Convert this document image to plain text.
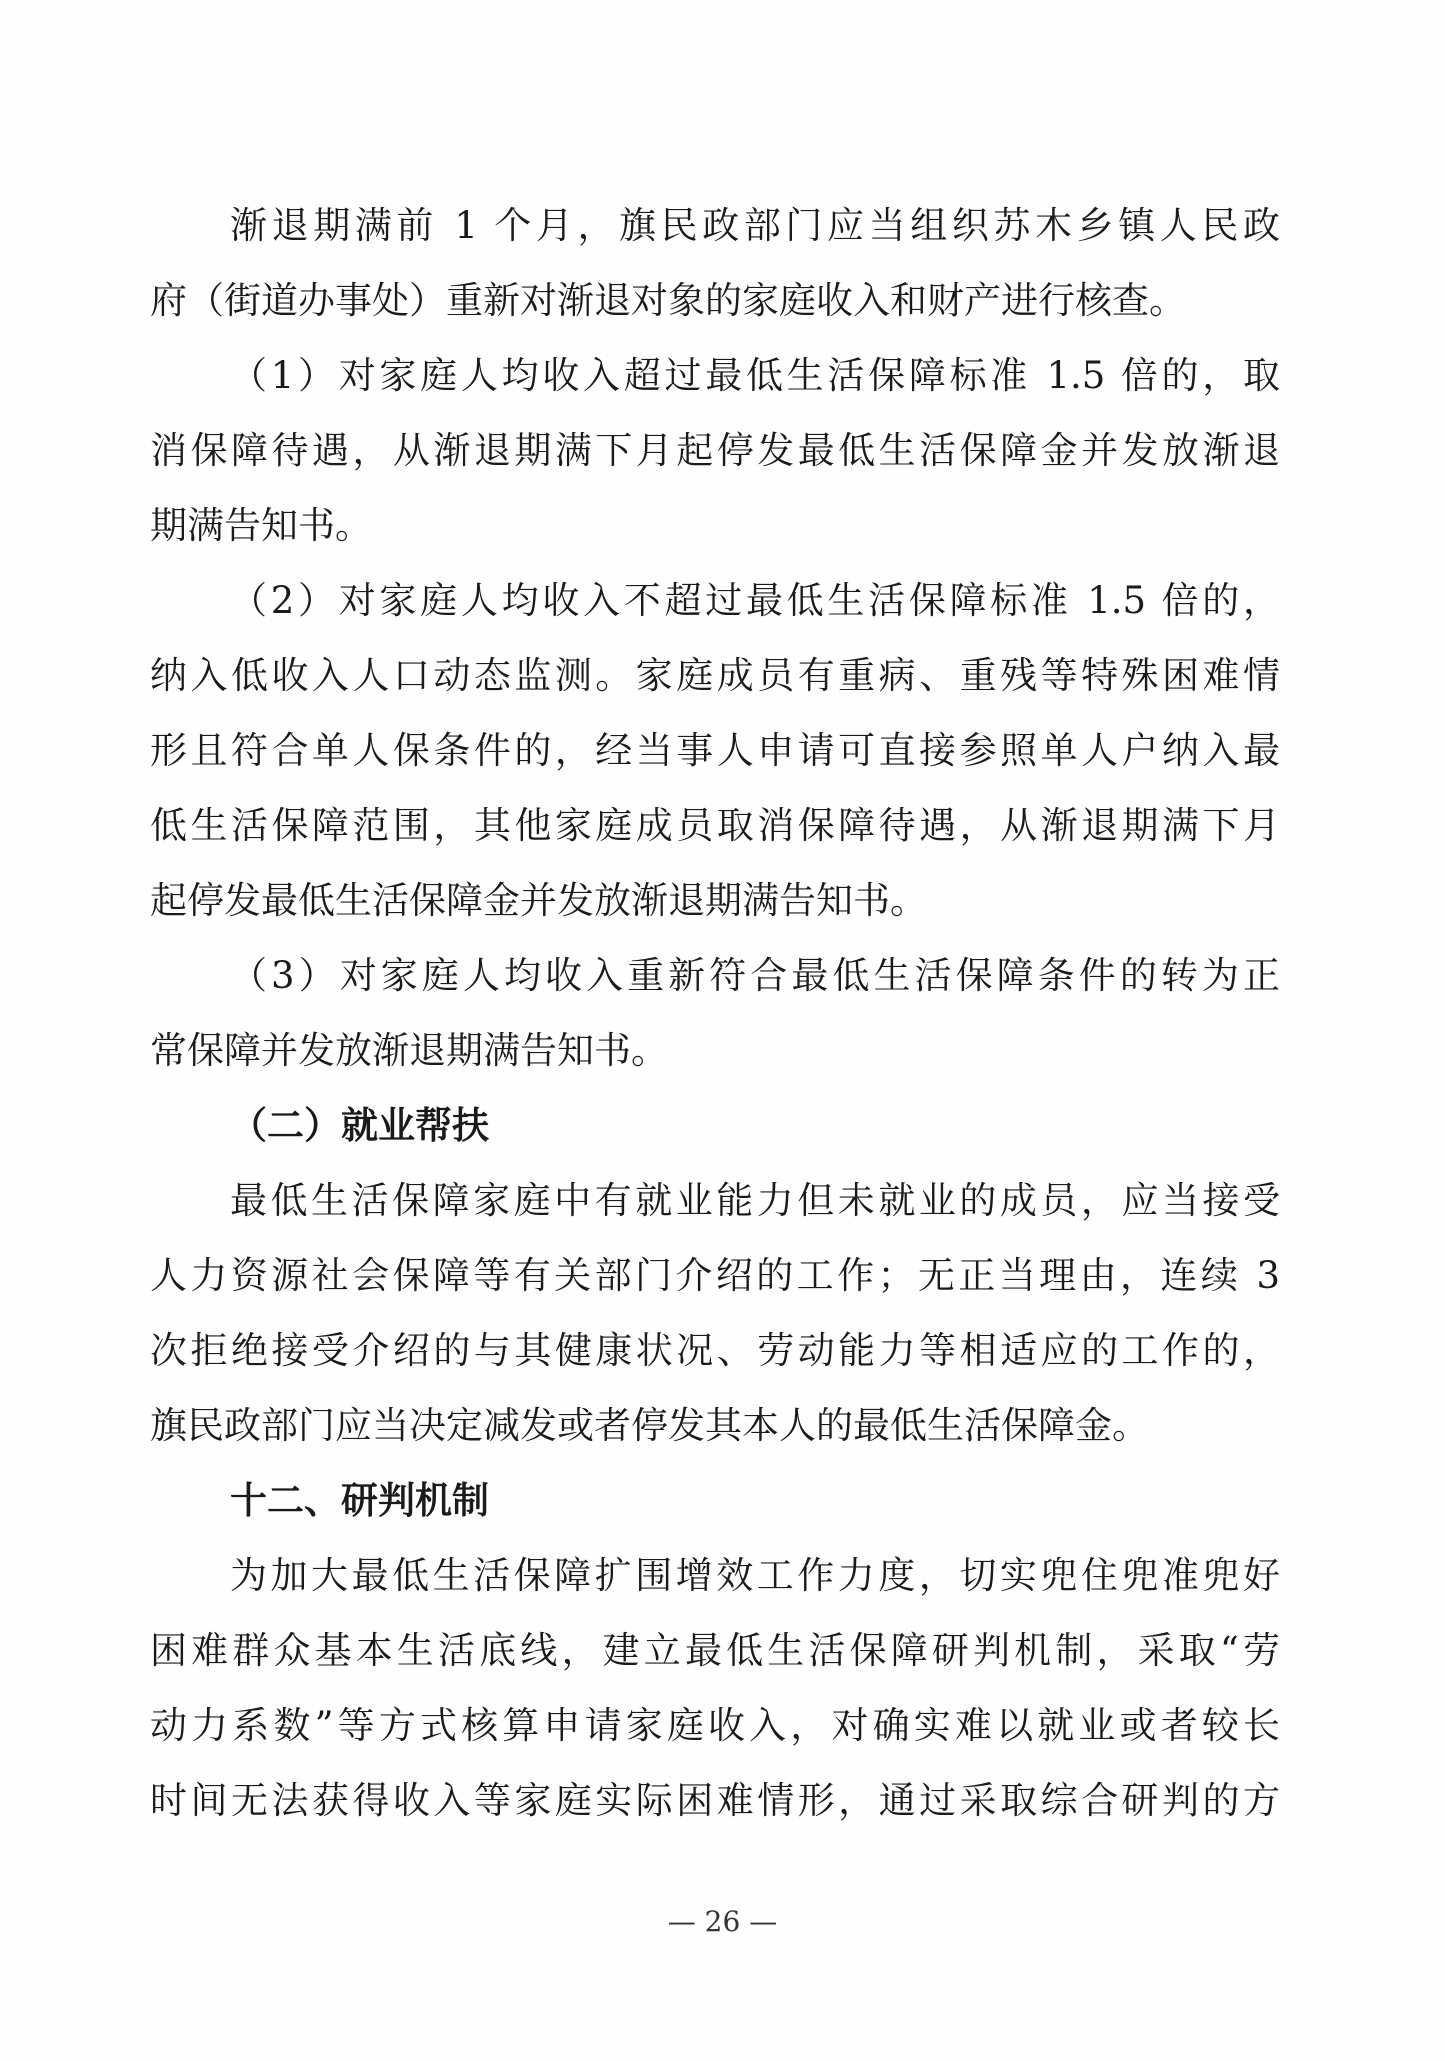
渐退期满前 1 个月，旗民政部门应当组织苏木乡镇人民政
府（街道办事处）重新对渐退对象的家庭收入和财产进行核查。
（1）对家庭人均收入超过最低生活保障标准 1.5 倍的，取
消保障待遇，从渐退期满下月起停发最低生活保障金并发放渐退
期满告知书。
（2）对家庭人均收入不超过最低生活保障标准 1.5 倍的，
纳入低收入人口动态监测。家庭成员有重病、重残等特殊困难情
形且符合单人保条件的，经当事人申请可直接参照单人户纳入最
低生活保障范围，其他家庭成员取消保障待遇，从渐退期满下月
起停发最低生活保障金并发放渐退期满告知书。
（3）对家庭人均收入重新符合最低生活保障条件的转为正
常保障并发放渐退期满告知书。
（二）就业帮扶
最低生活保障家庭中有就业能力但未就业的成员，应当接受
人力资源社会保障等有关部门介绍的工作；无正当理由，连续 3
次拒绝接受介绍的与其健康状况、劳动能力等相适应的工作的，
旗民政部门应当决定减发或者停发其本人的最低生活保障金。
十二、研判机制
为加大最低生活保障扩围增效工作力度，切实兜住兜准兜好
困难群众基本生活底线，建立最低生活保障研判机制，采取“劳
动力系数”等方式核算申请家庭收入，对确实难以就业或者较长
时间无法获得收入等家庭实际困难情形，通过采取综合研判的方
— 26 —
